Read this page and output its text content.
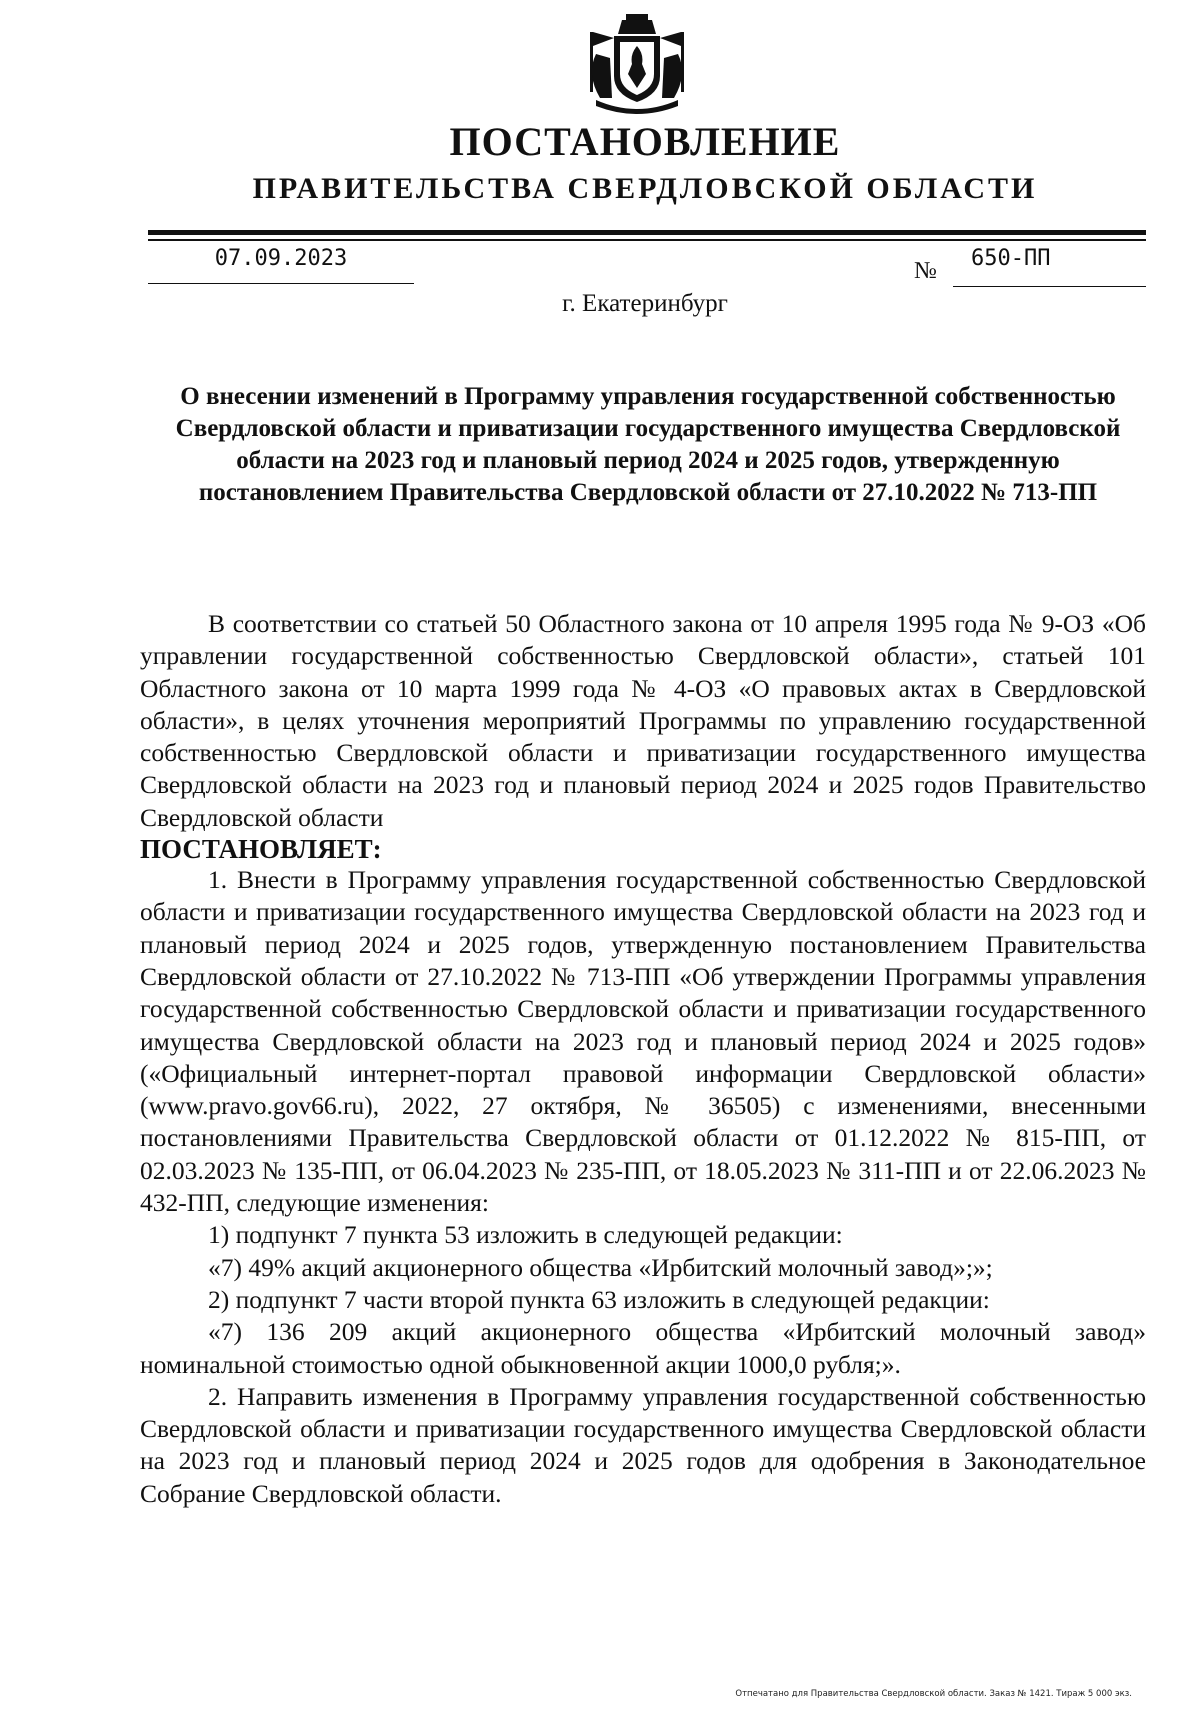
ПОСТАНОВЛЕНИЕ
ПРАВИТЕЛЬСТВА СВЕРДЛОВСКОЙ ОБЛАСТИ
07.09.2023	№	650-ПП
г. Екатеринбург
О внесении изменений в Программу управления государственной собственностью Свердловской области и приватизации государственного имущества Свердловской области на 2023 год и плановый период 2024 и 2025 годов, утвержденную постановлением Правительства Свердловской области от 27.10.2022 № 713-ПП

В соответствии со статьей 50 Областного закона от 10 апреля 1995 года № 9-ОЗ «Об управлении государственной собственностью Свердловской области», статьей 101 Областного закона от 10 марта 1999 года № 4-ОЗ «О правовых актах в Свердловской области», в целях уточнения мероприятий Программы по управлению государственной собственностью Свердловской области и приватизации государственного имущества Свердловской области на 2023 год и плановый период 2024 и 2025 годов Правительство Свердловской области

ПОСТАНОВЛЯЕТ:

1. Внести в Программу управления государственной собственностью Свердловской области и приватизации государственного имущества Свердловской области на 2023 год и плановый период 2024 и 2025 годов, утвержденную постановлением Правительства Свердловской области от 27.10.2022 № 713-ПП «Об утверждении Программы управления государственной собственностью Свердловской области и приватизации государственного имущества Свердловской области на 2023 год и плановый период 2024 и 2025 годов» («Официальный интернет-портал правовой информации Свердловской области» (www.pravo.gov66.ru), 2022, 27 октября, № 36505) с изменениями, внесенными постановлениями Правительства Свердловской области от 01.12.2022 № 815-ПП, от 02.03.2023 № 135-ПП, от 06.04.2023 № 235-ПП, от 18.05.2023 № 311-ПП и от 22.06.2023 № 432-ПП, следующие изменения:

1) подпункт 7 пункта 53 изложить в следующей редакции:

«7) 49% акций акционерного общества «Ирбитский молочный завод»;»;

2) подпункт 7 части второй пункта 63 изложить в следующей редакции:

«7) 136 209 акций акционерного общества «Ирбитский молочный завод» номинальной стоимостью одной обыкновенной акции 1000,0 рубля;».

2. Направить изменения в Программу управления государственной собственностью Свердловской области и приватизации государственного имущества Свердловской области на 2023 год и плановый период 2024 и 2025 годов для одобрения в Законодательное Собрание Свердловской области.

Отпечатано для Правительства Свердловской области. Заказ № 1421. Тираж 5 000 экз.
